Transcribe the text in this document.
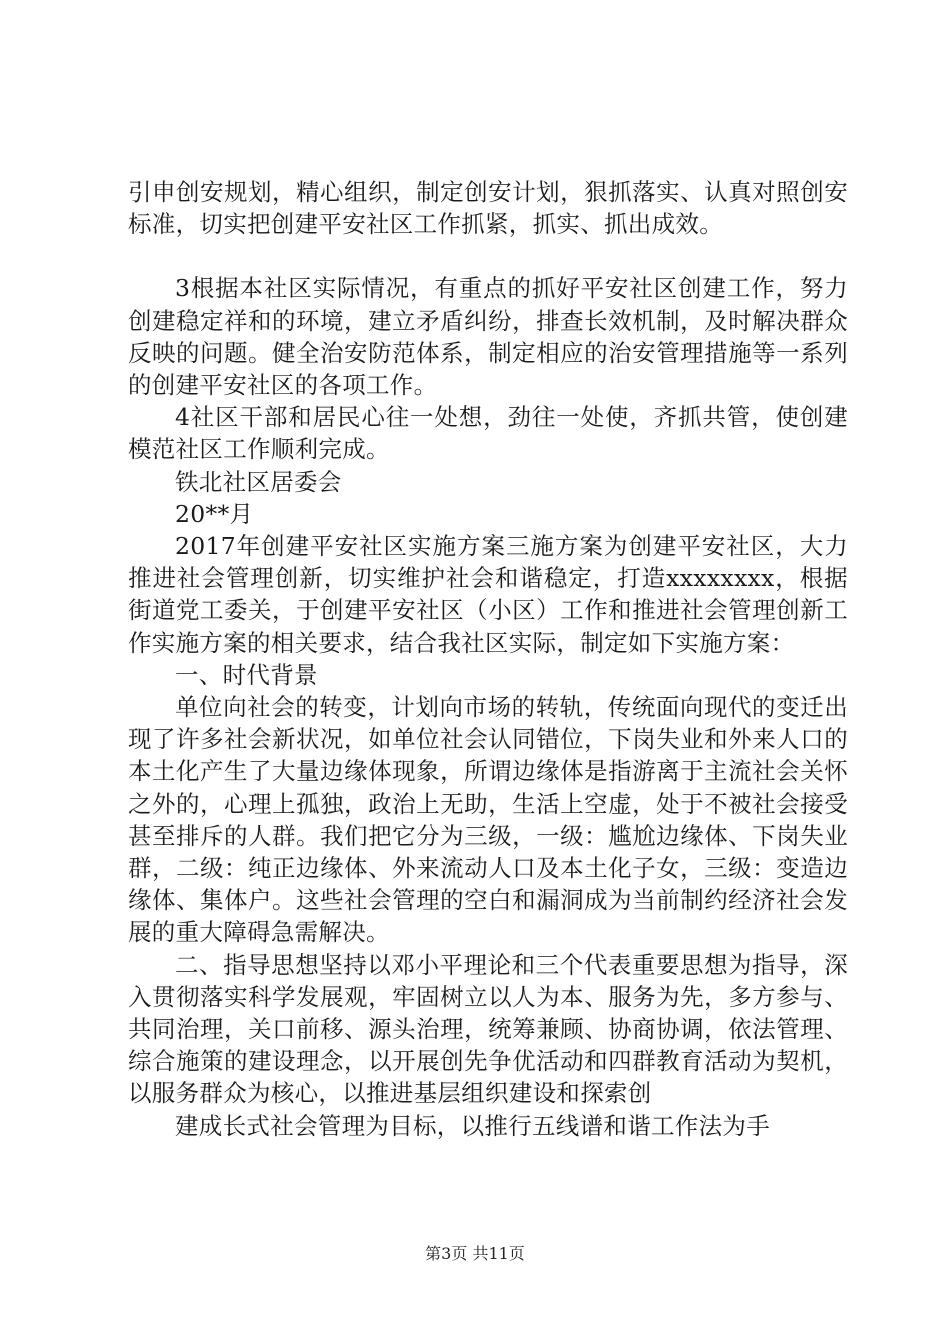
引申创安规划，精心组织，制定创安计划，狠抓落实、认真对照创安标准，切实把创建平安社区工作抓紧，抓实、抓出成效。

3根据本社区实际情况，有重点的抓好平安社区创建工作，努力创建稳定祥和的环境，建立矛盾纠纷，排查长效机制，及时解决群众反映的问题。健全治安防范体系，制定相应的治安管理措施等一系列的创建平安社区的各项工作。

4社区干部和居民心往一处想，劲往一处使，齐抓共管，使创建模范社区工作顺利完成。

铁北社区居委会

20**月

2017年创建平安社区实施方案三施方案为创建平安社区，大力推进社会管理创新，切实维护社会和谐稳定，打造xxxxxxxx，根据街道党工委关，于创建平安社区（小区）工作和推进社会管理创新工作实施方案的相关要求，结合我社区实际，制定如下实施方案：

一、时代背景

单位向社会的转变，计划向市场的转轨，传统面向现代的变迁出现了许多社会新状况，如单位社会认同错位，下岗失业和外来人口的本土化产生了大量边缘体现象，所谓边缘体是指游离于主流社会关怀之外的，心理上孤独，政治上无助，生活上空虚，处于不被社会接受甚至排斥的人群。我们把它分为三级，一级：尴尬边缘体、下岗失业群，二级：纯正边缘体、外来流动人口及本土化子女，三级：变造边缘体、集体户。这些社会管理的空白和漏洞成为当前制约经济社会发展的重大障碍急需解决。

二、指导思想坚持以邓小平理论和三个代表重要思想为指导，深入贯彻落实科学发展观，牢固树立以人为本、服务为先，多方参与、共同治理，关口前移、源头治理，统筹兼顾、协商协调，依法管理、综合施策的建设理念，以开展创先争优活动和四群教育活动为契机，以服务群众为核心，以推进基层组织建设和探索创

建成长式社会管理为目标，以推行五线谱和谐工作法为手

第3页 共11页
